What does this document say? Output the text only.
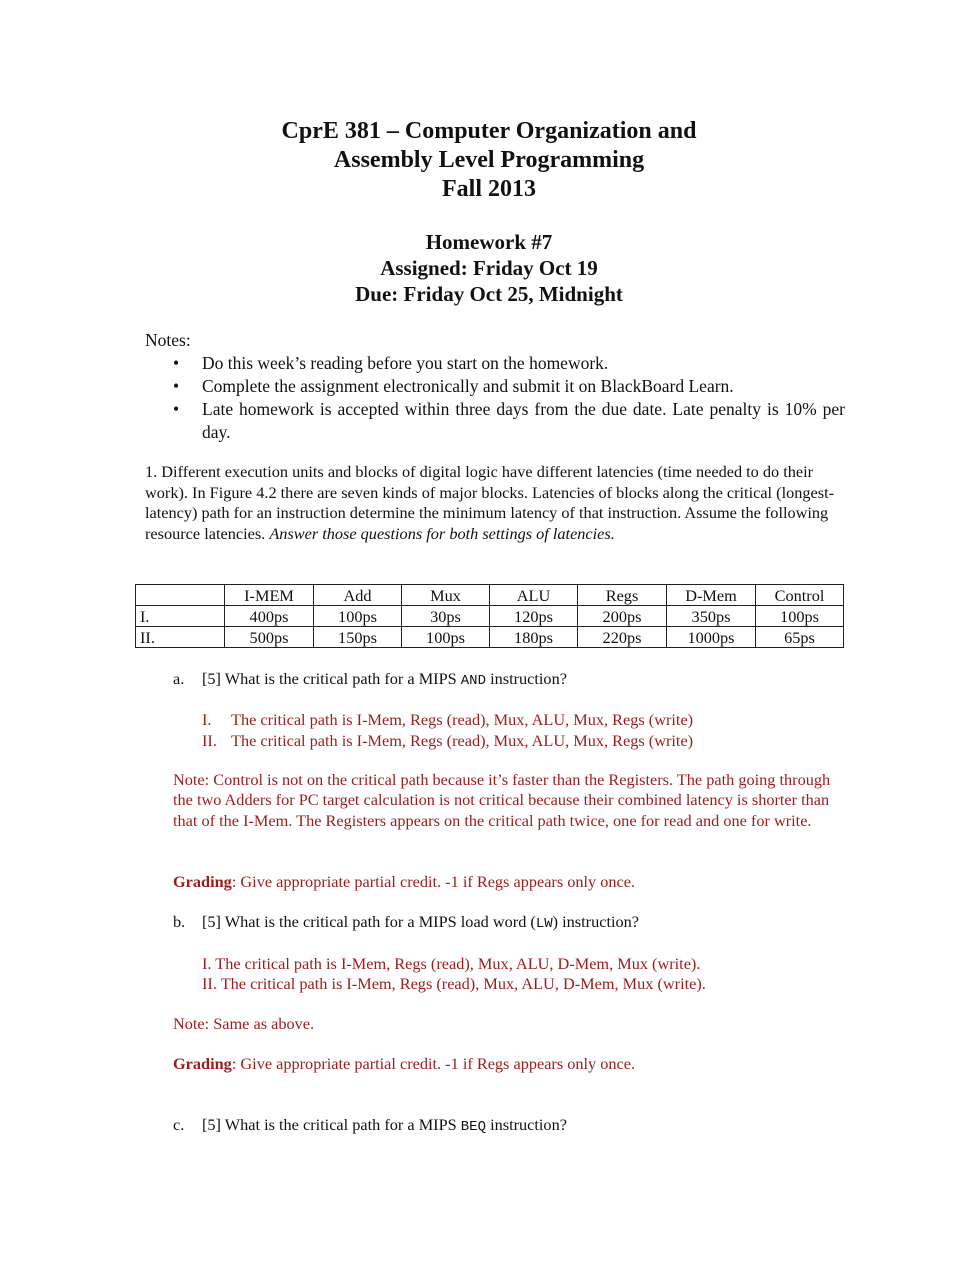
CprE 381 – Computer Organization and
Assembly Level Programming
Fall 2013
Homework #7
Assigned: Friday Oct 19
Due: Friday Oct 25, Midnight
Notes:
• Do this week’s reading before you start on the homework.
• Complete the assignment electronically and submit it on BlackBoard Learn.
• Late homework is accepted within three days from the due date. Late penalty is 10% per day.
1. Different execution units and blocks of digital logic have different latencies (time needed to do their work). In Figure 4.2 there are seven kinds of major blocks. Latencies of blocks along the critical (longest-latency) path for an instruction determine the minimum latency of that instruction. Assume the following resource latencies. Answer those questions for both settings of latencies.
	I-MEM	Add	Mux	ALU	Regs	D-Mem	Control
I.	400ps	100ps	30ps	120ps	200ps	350ps	100ps
II.	500ps	150ps	100ps	180ps	220ps	1000ps	65ps
a. [5] What is the critical path for a MIPS AND instruction?
I. The critical path is I-Mem, Regs (read), Mux, ALU, Mux, Regs (write)
II. The critical path is I-Mem, Regs (read), Mux, ALU, Mux, Regs (write)
Note: Control is not on the critical path because it’s faster than the Registers. The path going through the two Adders for PC target calculation is not critical because their combined latency is shorter than that of the I-Mem. The Registers appears on the critical path twice, one for read and one for write.
Grading: Give appropriate partial credit. -1 if Regs appears only once.
b. [5] What is the critical path for a MIPS load word (LW) instruction?
I. The critical path is I-Mem, Regs (read), Mux, ALU, D-Mem, Mux (write).
II. The critical path is I-Mem, Regs (read), Mux, ALU, D-Mem, Mux (write).
Note: Same as above.
Grading: Give appropriate partial credit. -1 if Regs appears only once.
c. [5] What is the critical path for a MIPS BEQ instruction?
